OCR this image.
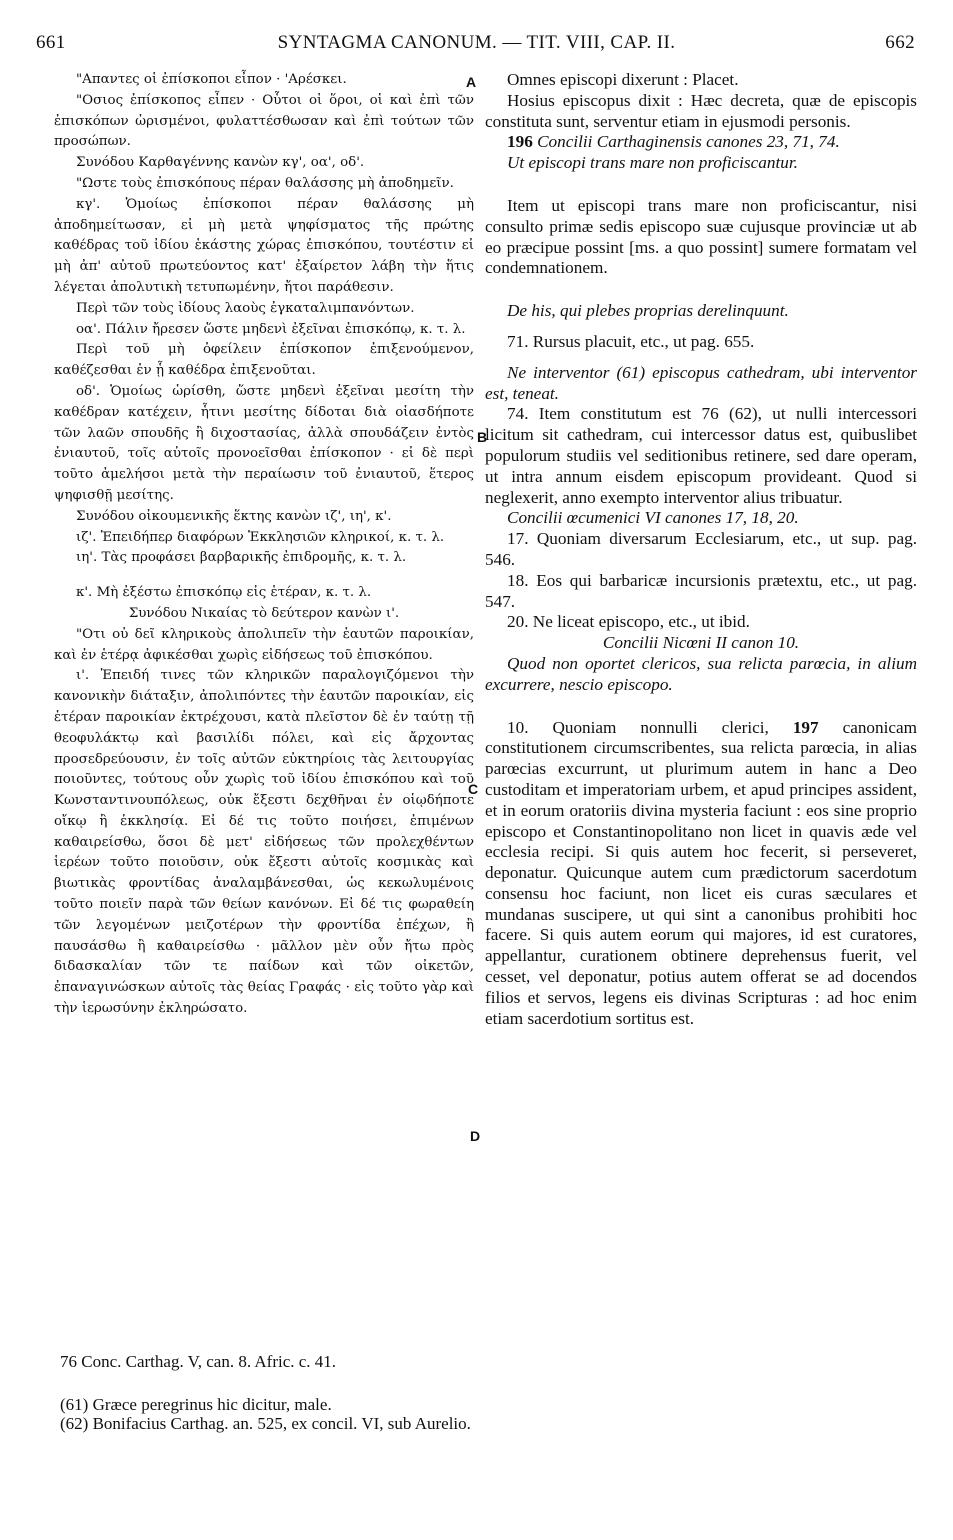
661	SYNTAGMA CANONUM. — TIT. VIII, CAP. II.	662
A
B
C
D

"Απαντες οἱ ἐπίσκοποι εἶπον · 'Αρέσκει.

"Οσιος ἐπίσκοπος εἶπεν · Οὗτοι οἱ ὅροι, οἱ καὶ ἐπὶ τῶν ἐπισκόπων ὡρισμένοι, φυλαττέσθωσαν καὶ ἐπὶ τούτων τῶν προσώπων.

Συνόδου Καρθαγέννης κανὼν κγ', οα', οδ'.

"Ωστε τοὺς ἐπισκόπους πέραν θαλάσσης μὴ ἀποδημεῖν.

κγ'. Ὁμοίως ἐπίσκοποι πέραν θαλάσσης μὴ ἀποδημείτωσαν, εἰ μὴ μετὰ ψηφίσματος τῆς πρώτης καθέδρας τοῦ ἰδίου ἑκάστης χώρας ἐπισκόπου, τουτέστιν εἰ μὴ ἀπ' αὐτοῦ πρωτεύοντος κατ' ἐξαίρετον λάβη τὴν ἥτις λέγεται ἀπολυτικὴ τετυπωμένην, ἤτοι παράθεσιν.

Περὶ τῶν τοὺς ἰδίους λαοὺς ἐγκαταλιμπανόντων.

οα'. Πάλιν ἤρεσεν ὥστε μηδενὶ ἐξεῖναι ἐπισκόπῳ, κ. τ. λ.

Περὶ τοῦ μὴ ὀφείλειν ἐπίσκοπον ἐπιξενούμενον, καθέζεσθαι ἐν ᾗ καθέδρα ἐπιξενοῦται.

οδ'. Ὁμοίως ὡρίσθη, ὥστε μηδενὶ ἐξεῖναι μεσίτη τὴν καθέδραν κατέχειν, ἧτινι μεσίτης δίδοται διὰ οἱασδήποτε τῶν λαῶν σπουδῆς ἢ διχοστασίας, ἀλλὰ σπουδάζειν ἐντὸς ἐνιαυτοῦ, τοῖς αὐτοῖς προνοεῖσθαι ἐπίσκοπον · εἰ δὲ περὶ τοῦτο ἀμελήσοι μετὰ τὴν περαίωσιν τοῦ ἐνιαυτοῦ, ἕτερος ψηφισθῇ μεσίτης.

Συνόδου οἰκουμενικῆς ἕκτης κανὼν ιζ', ιη', κ'.

ιζ'. Ἐπειδήπερ διαφόρων Ἐκκλησιῶν κληρικοί, κ. τ. λ.

ιη'. Τὰς προφάσει βαρβαρικῆς ἐπιδρομῆς, κ. τ. λ.

κ'. Μὴ ἐξέστω ἐπισκόπῳ εἰς ἑτέραν, κ. τ. λ.

Συνόδου Νικαίας τὸ δεύτερον κανὼν ι'.

"Οτι οὐ δεῖ κληρικοὺς ἀπολιπεῖν τὴν ἑαυτῶν παροικίαν, καὶ ἐν ἑτέρᾳ ἀφικέσθαι χωρὶς εἰδήσεως τοῦ ἐπισκόπου.

ι'. Ἐπειδή τινες τῶν κληρικῶν παραλογιζόμενοι τὴν κανονικὴν διάταξιν, ἀπολιπόντες τὴν ἑαυτῶν παροικίαν, εἰς ἑτέραν παροικίαν ἐκτρέχουσι, κατὰ πλεῖστον δὲ ἐν ταύτῃ τῇ θεοφυλάκτῳ καὶ βασιλίδι πόλει, καὶ εἰς ἄρχοντας προσεδρεύουσιν, ἐν τοῖς αὐτῶν εὐκτηρίοις τὰς λειτουργίας ποιοῦντες, τούτους οὖν χωρὶς τοῦ ἰδίου ἐπισκόπου καὶ τοῦ Κωνσταντινουπόλεως, οὐκ ἔξεστι δεχθῆναι ἐν οἱῳδήποτε οἴκῳ ἢ ἐκκλησίᾳ. Εἰ δέ τις τοῦτο ποιήσει, ἐπιμένων καθαιρείσθω, ὅσοι δὲ μετ' εἰδήσεως τῶν προλεχθέντων ἱερέων τοῦτο ποιοῦσιν, οὐκ ἔξεστι αὐτοῖς κοσμικὰς καὶ βιωτικὰς φροντίδας ἀναλαμβάνεσθαι, ὡς κεκωλυμένοις τοῦτο ποιεῖν παρὰ τῶν θείων κανόνων. Εἰ δέ τις φωραθείη τῶν λεγομένων μειζοτέρων τὴν φροντίδα ἐπέχων, ἢ παυσάσθω ἢ καθαιρείσθω · μᾶλλον μὲν οὖν ἤτω πρὸς διδασκαλίαν τῶν τε παίδων καὶ τῶν οἰκετῶν, ἐπαναγινώσκων αὐτοῖς τὰς θείας Γραφάς · εἰς τοῦτο γὰρ καὶ τὴν ἱερωσύνην ἐκληρώσατο.

Omnes episcopi dixerunt : Placet.

Hosius episcopus dixit : Hæc decreta, quæ de episcopis constituta sunt, serventur etiam in ejusmodi personis.

196 Concilii Carthaginensis canones 23, 71, 74.

Ut episcopi trans mare non proficiscantur.

Item ut episcopi trans mare non proficiscantur, nisi consulto primæ sedis episcopo suæ cujusque provinciæ ut ab eo præcipue possint [ms. a quo possint] sumere formatam vel condemnationem.

De his, qui plebes proprias derelinquunt.

71. Rursus placuit, etc., ut pag. 655.

Ne interventor (61) episcopus cathedram, ubi interventor est, teneat.

74. Item constitutum est 76 (62), ut nulli intercessori licitum sit cathedram, cui intercessor datus est, quibuslibet populorum studiis vel seditionibus retinere, sed dare operam, ut intra annum eisdem episcopum provideant. Quod si neglexerit, anno exempto interventor alius tribuatur.

Concilii œcumenici VI canones 17, 18, 20.

17. Quoniam diversarum Ecclesiarum, etc., ut sup. pag. 546.

18. Eos qui barbaricæ incursionis prætextu, etc., ut pag. 547.

20. Ne liceat episcopo, etc., ut ibid.

Concilii Nicœni II canon 10.

Quod non oportet clericos, sua relicta parœcia, in alium excurrere, nescio episcopo.

10. Quoniam nonnulli clerici, 197 canonicam constitutionem circumscribentes, sua relicta parœcia, in alias parœcias excurrunt, ut plurimum autem in hanc a Deo custoditam et imperatoriam urbem, et apud principes assident, et in eorum oratoriis divina mysteria faciunt : eos sine proprio episcopo et Constantinopolitano non licet in quavis æde vel ecclesia recipi. Si quis autem hoc fecerit, si perseveret, deponatur. Quicunque autem cum prædictorum sacerdotum consensu hoc faciunt, non licet eis curas sæculares et mundanas suscipere, ut qui sint a canonibus prohibiti hoc facere. Si quis autem eorum qui majores, id est curatores, appellantur, curationem obtinere deprehensus fuerit, vel cesset, vel deponatur, potius autem offerat se ad docendos filios et servos, legens eis divinas Scripturas : ad hoc enim etiam sacerdotium sortitus est.

76 Conc. Carthag. V, can. 8. Afric. c. 41.

(61) Græce peregrinus hic dicitur, male.

(62) Bonifacius Carthag. an. 525, ex concil. VI, sub Aurelio.
